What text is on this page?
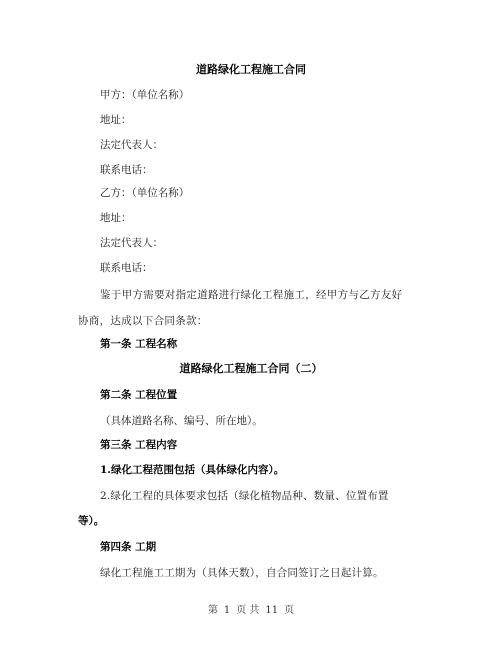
道路绿化工程施工合同
甲方：（单位名称）
地址：
法定代表人：
联系电话：
乙方：（单位名称）
地址：
法定代表人：
联系电话：
鉴于甲方需要对指定道路进行绿化工程施工，经甲方与乙方友好
协商，达成以下合同条款：
第一条 工程名称
道路绿化工程施工合同（二）
第二条 工程位置
（具体道路名称、编号、所在地）。
第三条 工程内容
1.绿化工程范围包括（具体绿化内容）。
2.绿化工程的具体要求包括（绿化植物品种、数量、位置布置
等）。
第四条 工期
绿化工程施工工期为（具体天数），自合同签订之日起计算。
第 1 页 共 11 页
